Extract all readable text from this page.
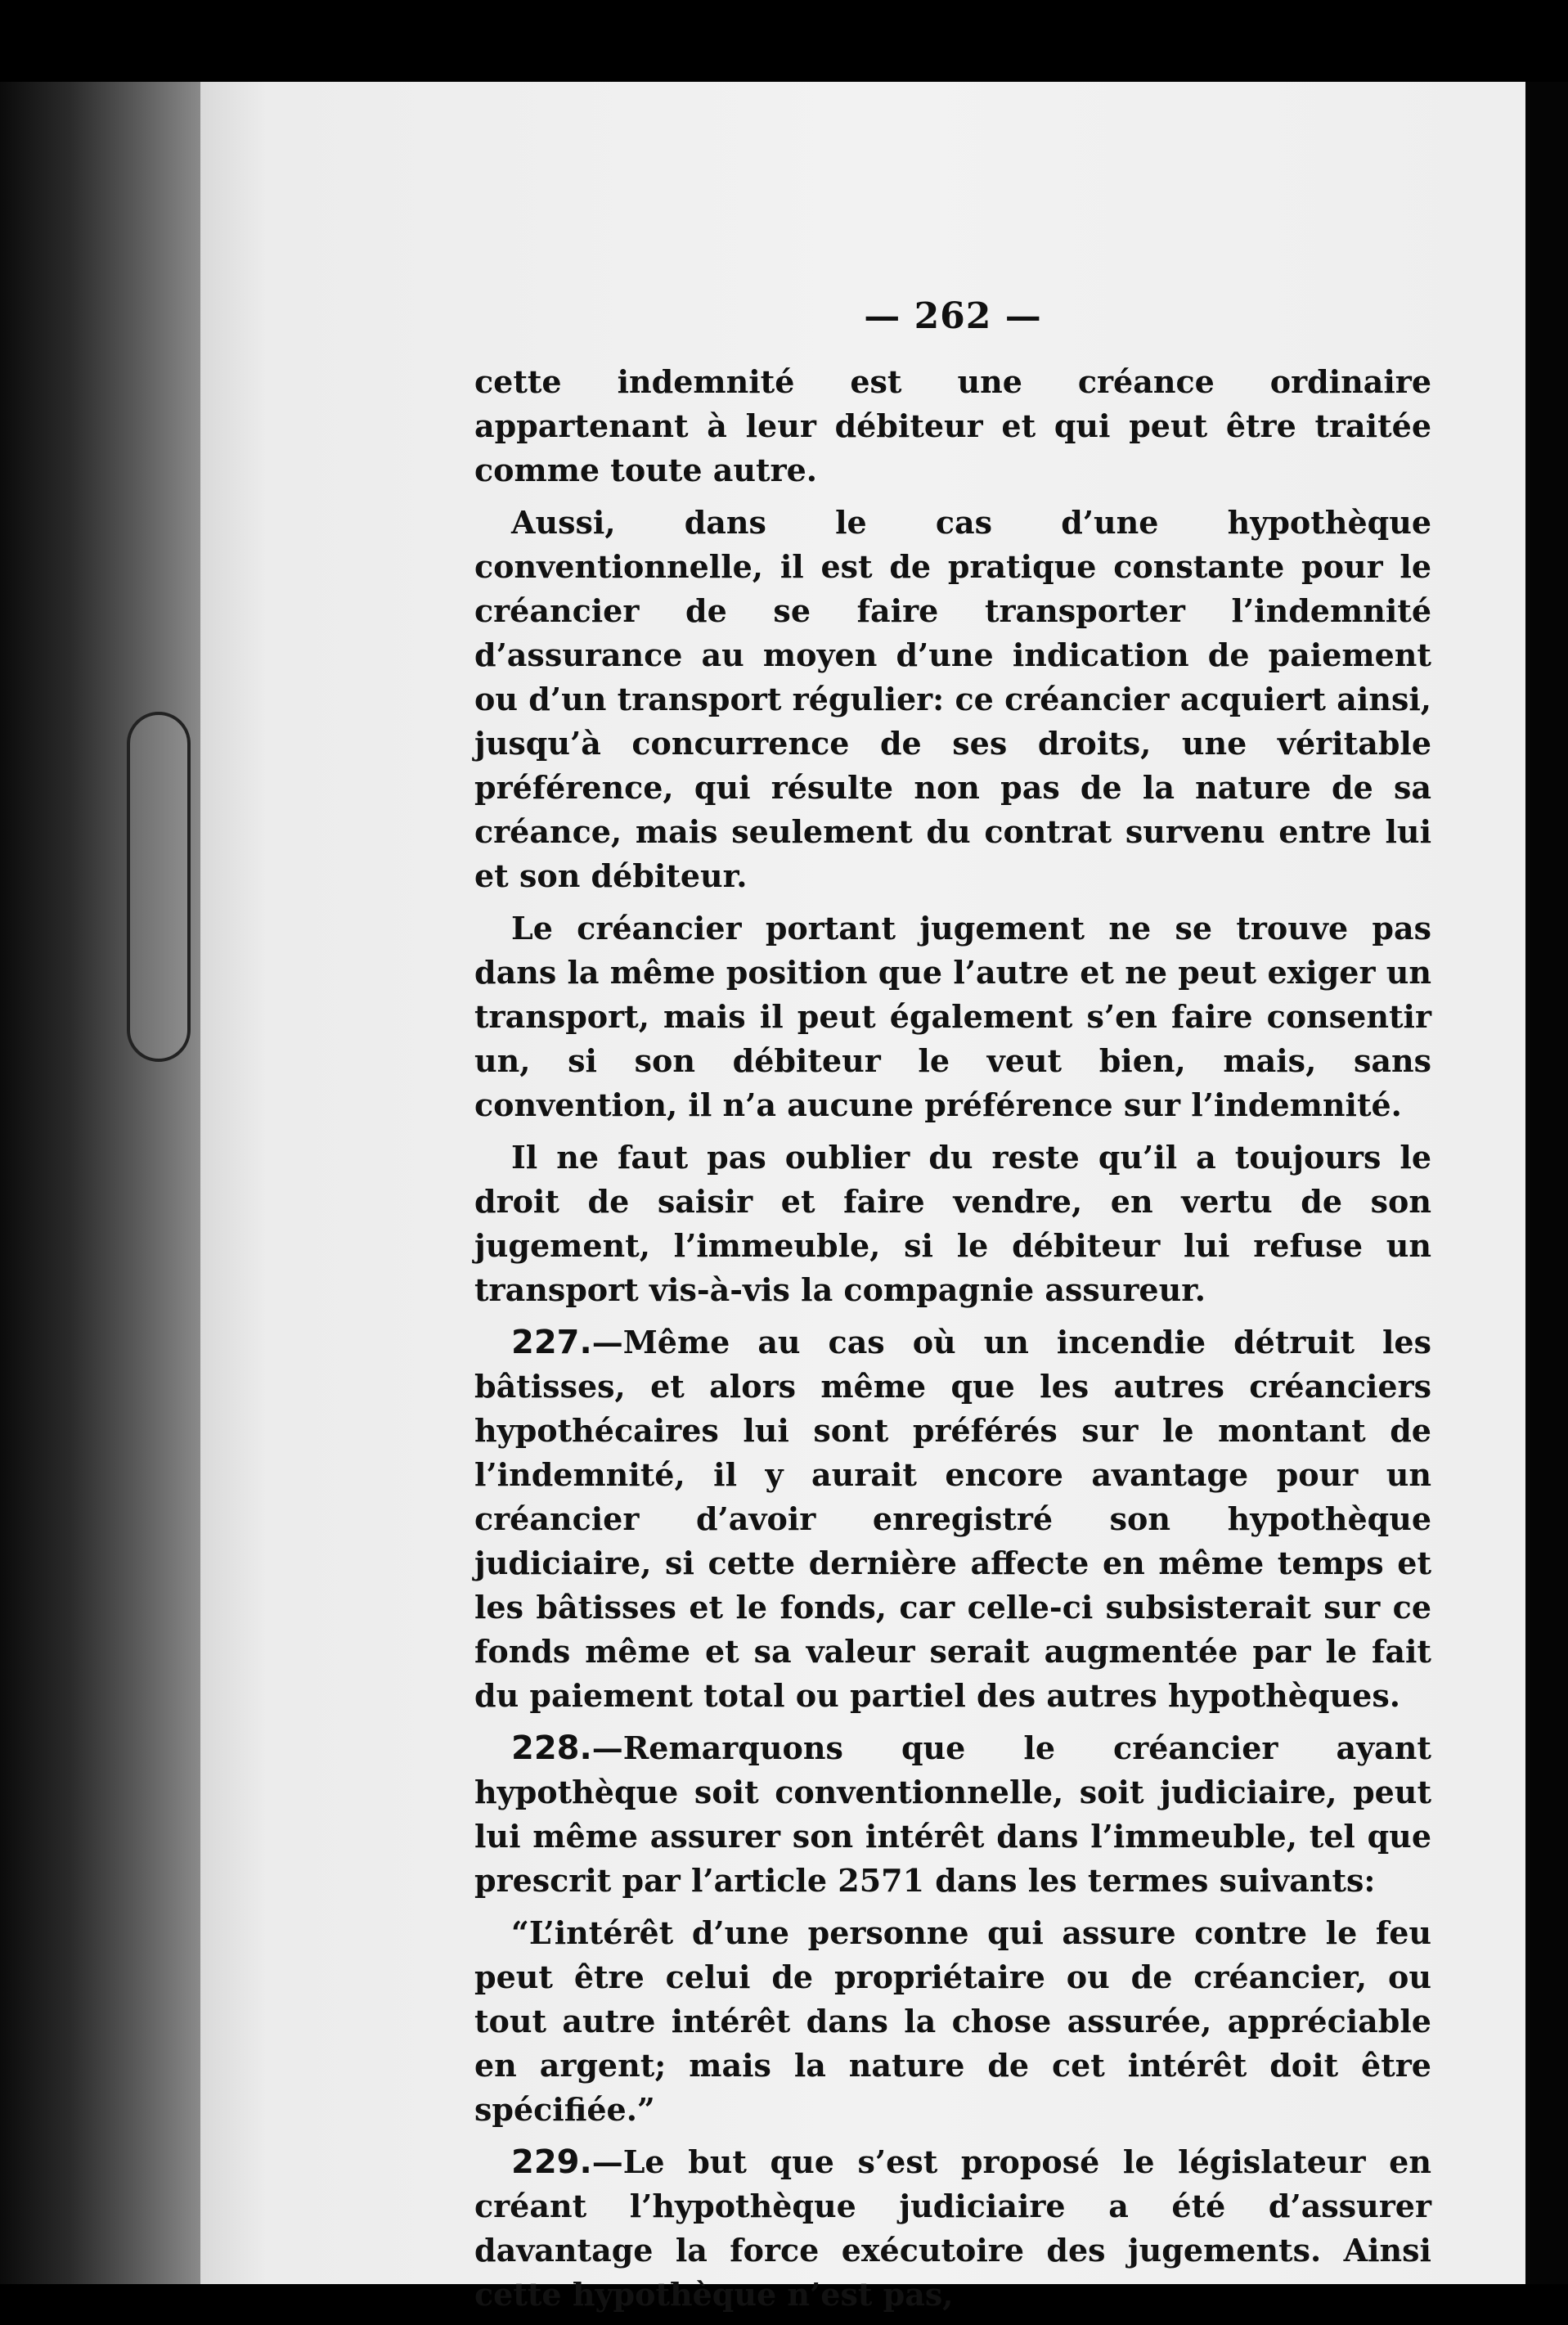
— 262 —

cette indemnité est une créance ordinaire appartenant à leur débiteur et qui peut être traitée comme toute autre.

Aussi, dans le cas d’une hypothèque conventionnelle, il est de pratique constante pour le créancier de se faire transporter l’indemnité d’assurance au moyen d’une indication de paiement ou d’un transport régulier: ce créancier acquiert ainsi, jusqu’à concurrence de ses droits, une véritable préférence, qui résulte non pas de la nature de sa créance, mais seulement du contrat survenu entre lui et son débiteur.

Le créancier portant jugement ne se trouve pas dans la même position que l’autre et ne peut exiger un transport, mais il peut également s’en faire consentir un, si son débiteur le veut bien, mais, sans convention, il n’a aucune préférence sur l’indemnité.

Il ne faut pas oublier du reste qu’il a toujours le droit de saisir et faire vendre, en vertu de son jugement, l’immeuble, si le débiteur lui refuse un transport vis-à-vis la compagnie assureur.

227.—Même au cas où un incendie détruit les bâtisses, et alors même que les autres créanciers hypothécaires lui sont préférés sur le montant de l’indemnité, il y aurait encore avantage pour un créancier d’avoir enregistré son hypothèque judiciaire, si cette dernière affecte en même temps et les bâtisses et le fonds, car celle-ci subsisterait sur ce fonds même et sa valeur serait augmentée par le fait du paiement total ou partiel des autres hypothèques.

228.—Remarquons que le créancier ayant hypothèque soit conventionnelle, soit judiciaire, peut lui même assurer son intérêt dans l’immeuble, tel que prescrit par l’article 2571 dans les termes suivants:

“L’intérêt d’une personne qui assure contre le feu peut être celui de propriétaire ou de créancier, ou tout autre intérêt dans la chose assurée, appréciable en argent; mais la nature de cet intérêt doit être spécifiée.”

229.—Le but que s’est proposé le législateur en créant l’hypothèque judiciaire a été d’assurer davantage la force exécutoire des jugements. Ainsi cette hypothèque n’est pas,
